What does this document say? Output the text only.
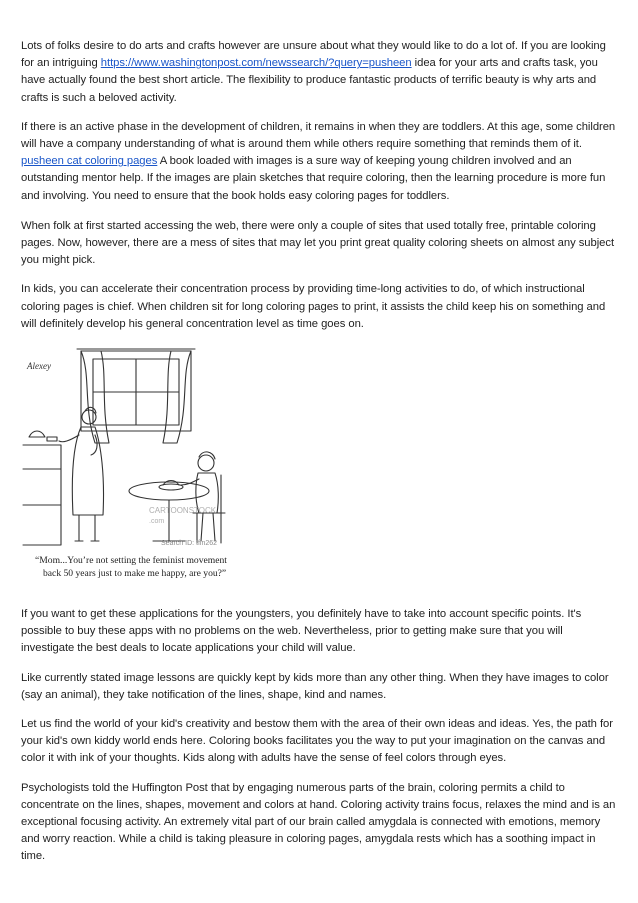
Lots of folks desire to do arts and crafts however are unsure about what they would like to do a lot of. If you are looking for an intriguing https://www.washingtonpost.com/newssearch/?query=pusheen idea for your arts and crafts task, you have actually found the best short article. The flexibility to produce fantastic products of terrific beauty is why arts and crafts is such a beloved activity.

If there is an active phase in the development of children, it remains in when they are toddlers. At this age, some children will have a company understanding of what is around them while others require something that reminds them of it. pusheen cat coloring pages A book loaded with images is a sure way of keeping young children involved and an outstanding mentor help. If the images are plain sketches that require coloring, then the learning procedure is more fun and involving. You need to ensure that the book holds easy coloring pages for toddlers.

When folk at first started accessing the web, there were only a couple of sites that used totally free, printable coloring pages. Now, however, there are a mess of sites that may let you print great quality coloring sheets on almost any subject you might pick.

In kids, you can accelerate their concentration process by providing time-long activities to do, of which instructional coloring pages is chief. When children sit for long coloring pages to print, it assists the child keep his on something and will definitely develop his general concentration level as time goes on.

Alexey
CARTOONSTOCK
.com
Search ID: tfin262
“Mom...You’re not setting the feminist movement
back 50 years just to make me happy, are you?”

If you want to get these applications for the youngsters, you definitely have to take into account specific points. It's possible to buy these apps with no problems on the web. Nevertheless, prior to getting make sure that you will investigate the best deals to locate applications your child will value.

Like currently stated image lessons are quickly kept by kids more than any other thing. When they have images to color (say an animal), they take notification of the lines, shape, kind and names.

Let us find the world of your kid's creativity and bestow them with the area of their own ideas and ideas. Yes, the path for your kid's own kiddy world ends here. Coloring books facilitates you the way to put your imagination on the canvas and color it with ink of your thoughts. Kids along with adults have the sense of feel colors through eyes.

Psychologists told the Huffington Post that by engaging numerous parts of the brain, coloring permits a child to concentrate on the lines, shapes, movement and colors at hand. Coloring activity trains focus, relaxes the mind and is an exceptional focusing activity. An extremely vital part of our brain called amygdala is connected with emotions, memory and worry reaction. While a child is taking pleasure in coloring pages, amygdala rests which has a soothing impact in time.
